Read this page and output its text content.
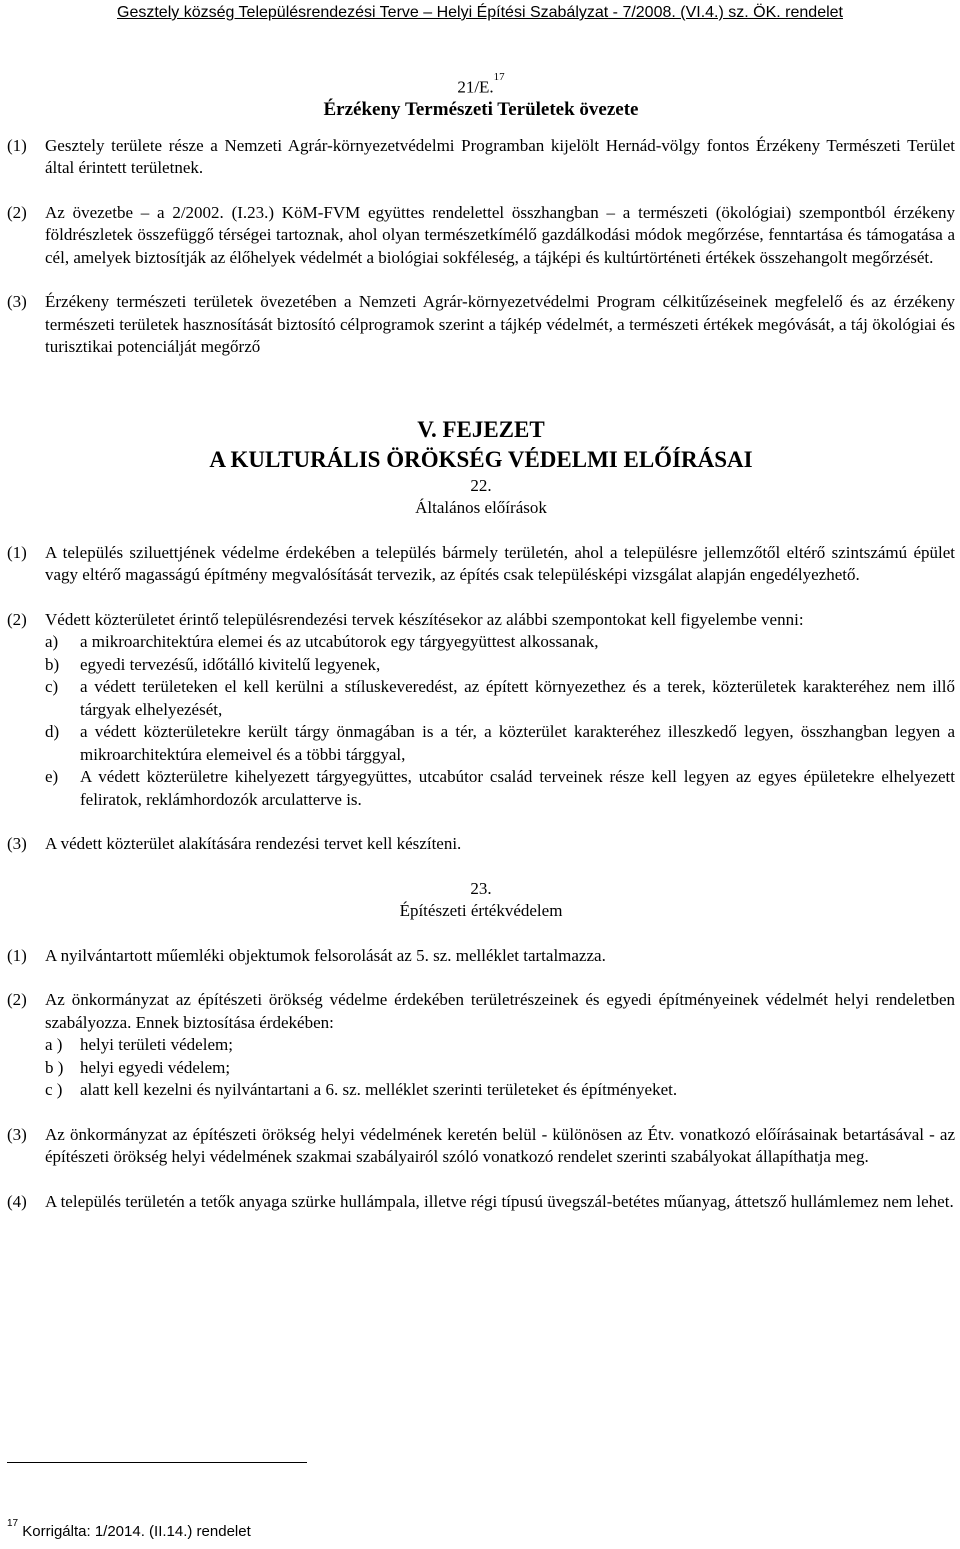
Gesztely község Településrendezési Terve – Helyi Építési Szabályzat - 7/2008. (VI.4.) sz. ÖK. rendelet
21/E.$^{17}$
Érzékeny Természeti Területek övezete
(1)	Gesztely területe része a Nemzeti Agrár-környezetvédelmi Programban kijelölt Hernád-völgy fontos Érzékeny Természeti Terület által érintett területnek.
(2)	Az övezetbe – a 2/2002. (I.23.) KöM-FVM együttes rendelettel összhangban – a természeti (ökológiai) szempontból érzékeny földrészletek összefüggő térségei tartoznak, ahol olyan természetkímélő gazdálkodási módok megőrzése, fenntartása és támogatása a cél, amelyek biztosítják az élőhelyek védelmét a biológiai sokféleség, a tájképi és kultúrtörténeti értékek összehangolt megőrzését.
(3)	Érzékeny természeti területek övezetében a Nemzeti Agrár-környezetvédelmi Program célkitűzéseinek megfelelő és az érzékeny természeti területek hasznosítását biztosító célprogramok szerint a tájkép védelmét, a természeti értékek megóvását, a táj ökológiai és turisztikai potenciálját megőrző
V. FEJEZET
A KULTURÁLIS ÖRÖKSÉG VÉDELMI ELŐÍRÁSAI
22.
Általános előírások
(1)	A település sziluettjének védelme érdekében a település bármely területén, ahol a településre jellemzőtől eltérő szintszámú épület vagy eltérő magasságú építmény megvalósítását tervezik, az építés csak településképi vizsgálat alapján engedélyezhető.
(2)	Védett közterületet érintő településrendezési tervek készítésekor az alábbi szempontokat kell figyelembe venni:
a)	a mikroarchitektúra elemei és az utcabútorok egy tárgyegyüttest alkossanak,
b)	egyedi tervezésű, időtálló kivitelű legyenek,
c)	a védett területeken el kell kerülni a stíluskeveredést, az épített környezethez és a terek, közterületek karakteréhez nem illő tárgyak elhelyezését,
d)	a védett közterületekre került tárgy önmagában is a tér, a közterület karakteréhez illeszkedő legyen, összhangban legyen a mikroarchitektúra elemeivel és a többi tárggyal,
e)	A védett közterületre kihelyezett tárgyegyüttes, utcabútor család terveinek része kell legyen az egyes épületekre elhelyezett feliratok, reklámhordozók arculatterve is.
(3)	A védett közterület alakítására rendezési tervet kell készíteni.
23.
Építészeti értékvédelem
(1)	A nyilvántartott műemléki objektumok felsorolását az 5. sz. melléklet tartalmazza.
(2)	Az önkormányzat az építészeti örökség védelme érdekében területrészeinek és egyedi építményeinek védelmét helyi rendeletben szabályozza. Ennek biztosítása érdekében:
a )	helyi területi védelem;
b ) helyi egyedi védelem;
c )	alatt kell kezelni és nyilvántartani a 6. sz. melléklet szerinti területeket és építményeket.
(3)	Az önkormányzat az építészeti örökség helyi védelmének keretén belül - különösen az Étv. vonatkozó előírásainak betartásával - az építészeti örökség helyi védelmének szakmai szabályairól szóló vonatkozó rendelet szerinti szabályokat állapíthatja meg.
(4)	A település területén a tetők anyaga szürke hullámpala, illetve régi típusú üvegszál-betétes műanyag, áttetsző hullámlemez nem lehet.
$^{17}$ Korrigálta: 1/2014. (II.14.) rendelet
